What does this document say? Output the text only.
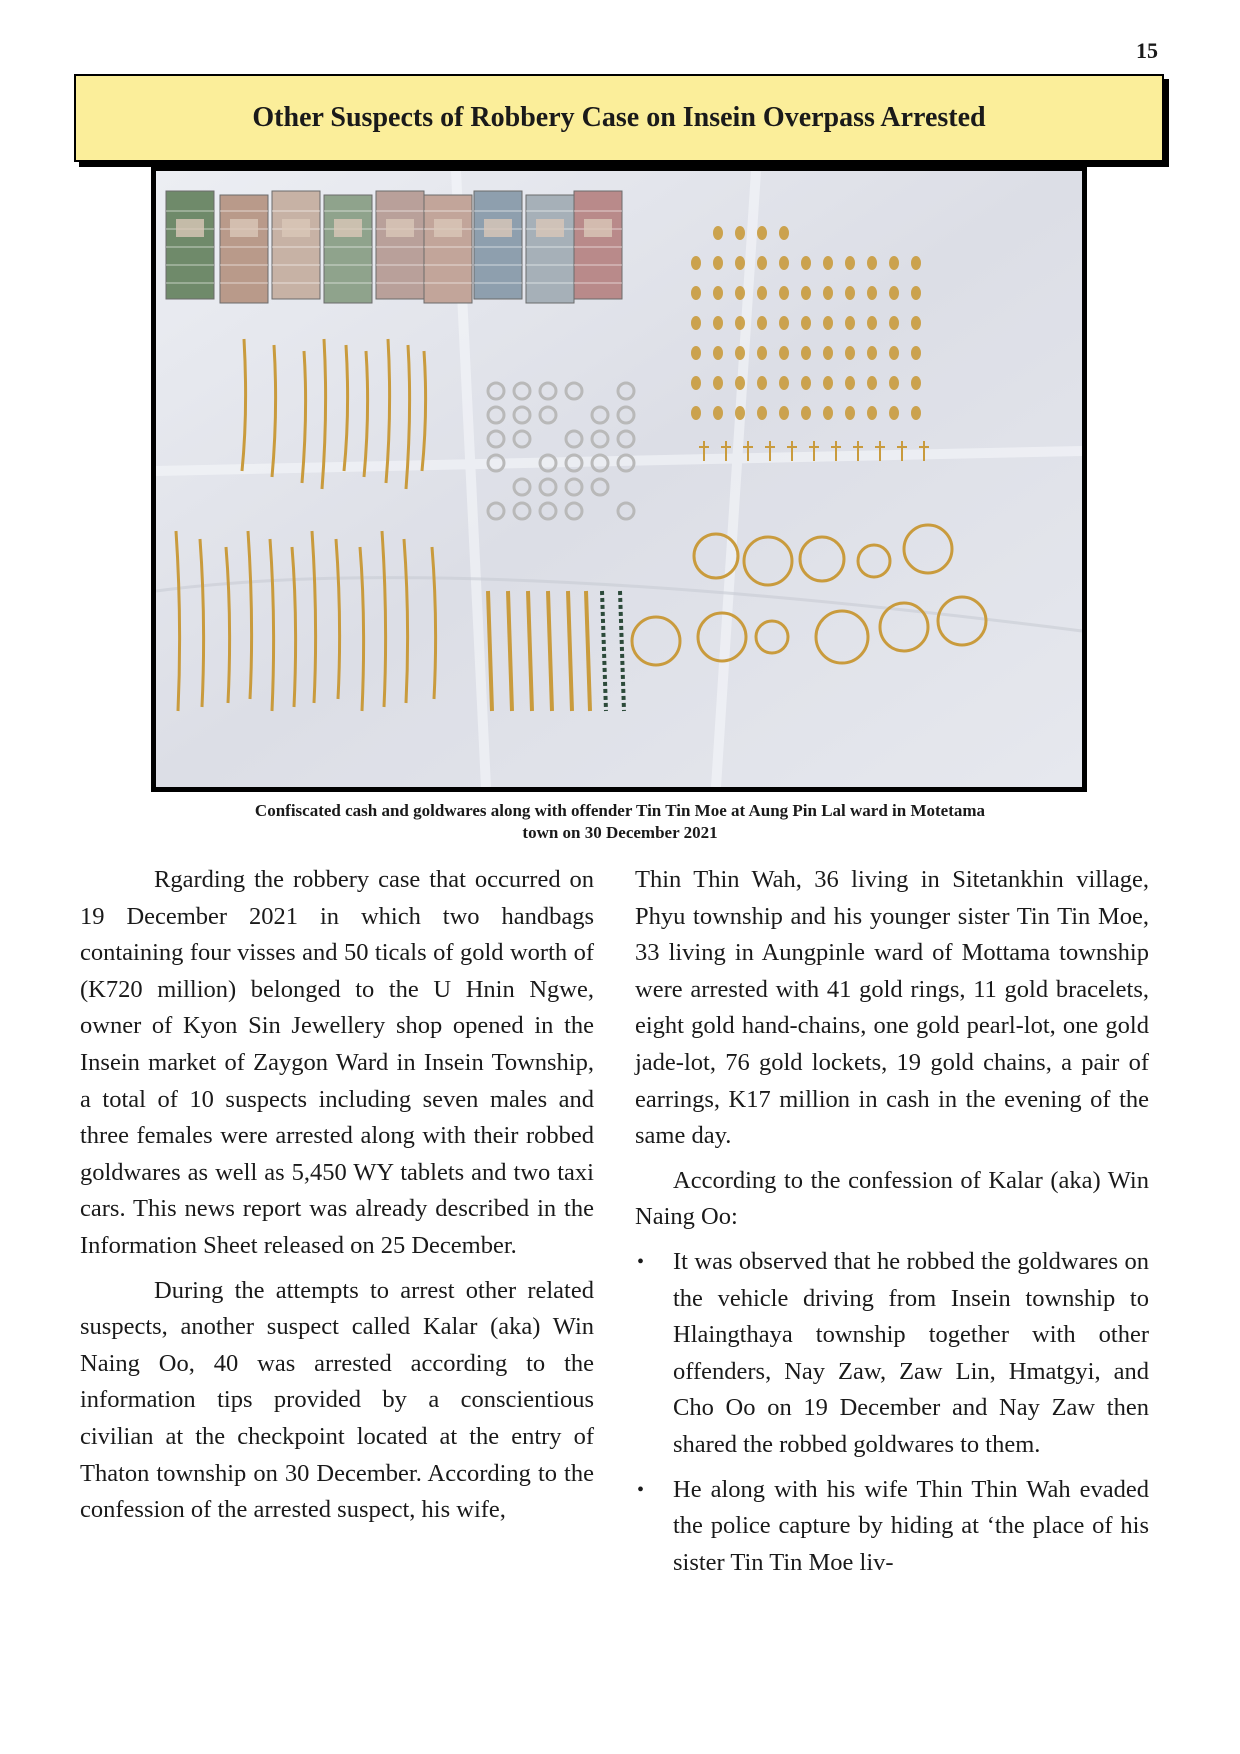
15
Other Suspects of Robbery Case on Insein Overpass Arrested
Confiscated cash and goldwares along with offender Tin Tin Moe at Aung Pin Lal ward in Motetama
town on 30 December 2021

Rgarding the robbery case that occurred on 19 December 2021 in which two handbags containing four visses and 50 ticals of gold worth of (K720 million) belonged to the U Hnin Ngwe, owner of Kyon Sin Jewellery shop opened in the Insein market of Zaygon Ward in Insein Township, a total of 10 suspects including seven males and three females were arrested along with their robbed goldwares as well as 5,450 WY tablets and two taxi cars. This news report was already described in the Information Sheet released on 25 December.

During the attempts to arrest other related suspects, another suspect called Kalar (aka) Win Naing Oo, 40 was arrested according to the information tips provided by a conscientious civilian at the checkpoint located at the entry of Thaton township on 30 December. According to the confession of the arrested suspect, his wife,

Thin Thin Wah, 36 living in Sitetankhin village, Phyu township and his younger sister Tin Tin Moe, 33 living in Aungpinle ward of Mottama township were arrested with 41 gold rings, 11 gold bracelets, eight gold hand-chains, one gold pearl-lot, one gold jade-lot, 76 gold lockets, 19 gold chains, a pair of earrings, K17 million in cash in the evening of the same day.

According to the confession of Kalar (aka) Win Naing Oo:

• It was observed that he robbed the goldwares on the vehicle driving from Insein township to Hlaingthaya township together with other offenders, Nay Zaw, Zaw Lin, Hmatgyi, and Cho Oo on 19 December and Nay Zaw then shared the robbed goldwares to them.
• He along with his wife Thin Thin Wah evaded the police capture by hiding at ‘the place of his sister Tin Tin Moe liv-
